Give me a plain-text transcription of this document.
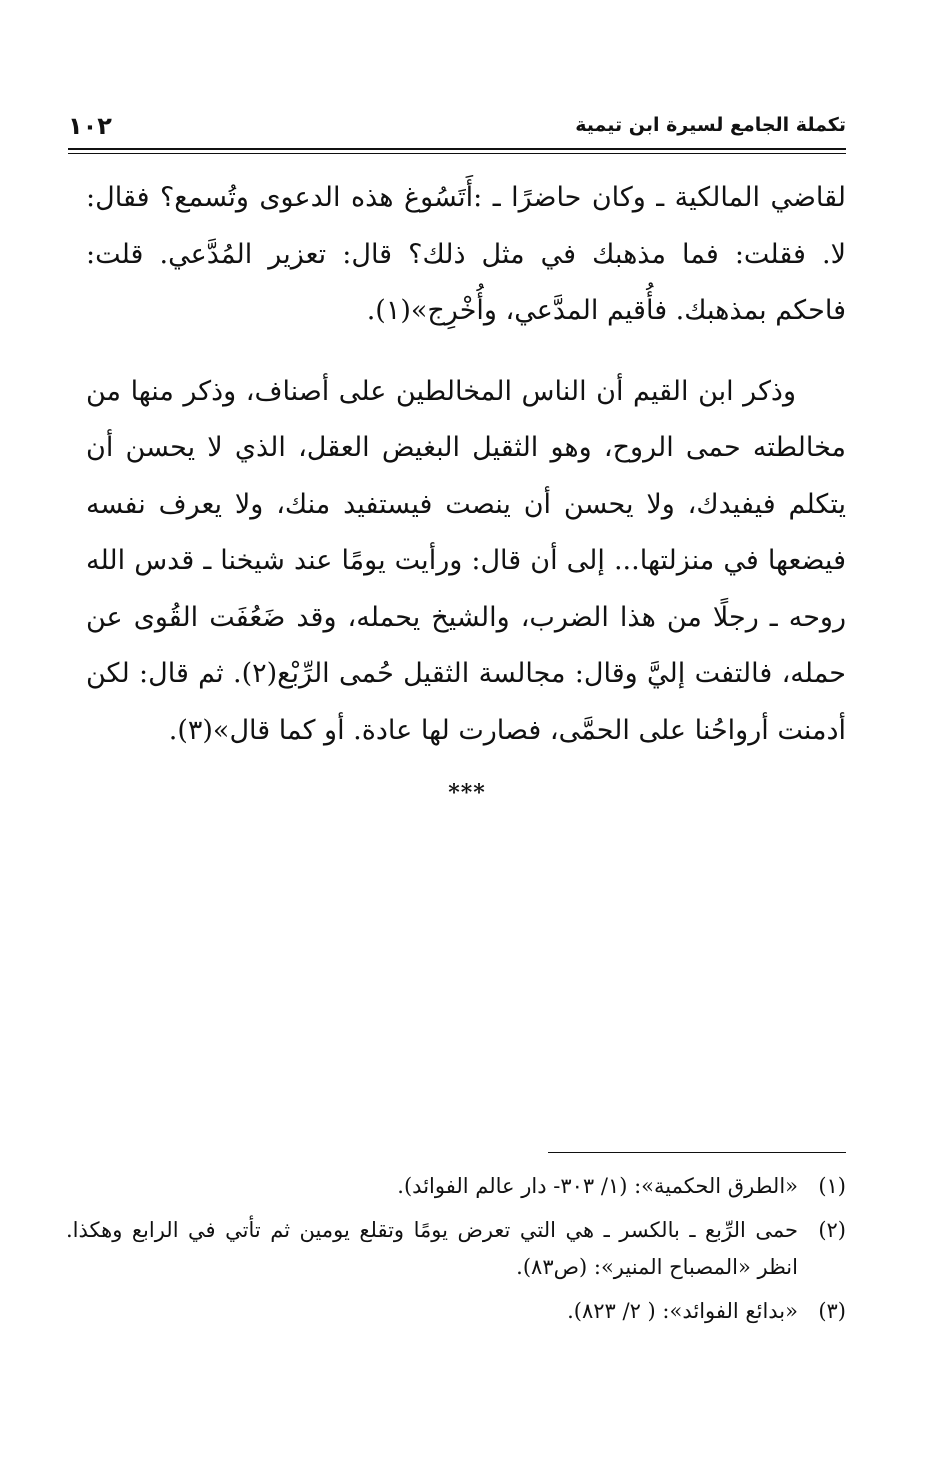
تكملة الجامع لسيرة ابن تيمية
١٠٢

لقاضي المالكية ـ وكان حاضرًا ـ :أَتَسُوغ هذه الدعوى وتُسمع؟ فقال: لا. فقلت: فما مذهبك في مثل ذلك؟ قال: تعزير المُدَّعي. قلت: فاحكم بمذهبك. فأُقيم المدَّعي، وأُخْرِج»(١).

وذكر ابن القيم أن الناس المخالطين على أصناف، وذكر منها من مخالطته حمى الروح، وهو الثقيل البغيض العقل، الذي لا يحسن أن يتكلم فيفيدك، ولا يحسن أن ينصت فيستفيد منك، ولا يعرف نفسه فيضعها في منزلتها... إلى أن قال: ورأيت يومًا عند شيخنا ـ قدس الله روحه ـ رجلًا من هذا الضرب، والشيخ يحمله، وقد ضَعُفَت القُوى عن حمله، فالتفت إليَّ وقال: مجالسة الثقيل حُمى الرِّبْع(٢). ثم قال: لكن أدمنت أرواحُنا على الحمَّى، فصارت لها عادة. أو كما قال»(٣).

***
(١)
«الطرق الحكمية»: (١/ ٣٠٣- دار عالم الفوائد).
(٢)
حمى الرِّبع ـ بالكسر ـ هي التي تعرض يومًا وتقلع يومين ثم تأتي في الرابع وهكذا. انظر «المصباح المنير»: (ص٨٣).
(٣)
«بدائع الفوائد»: ( ٢/ ٨٢٣).
